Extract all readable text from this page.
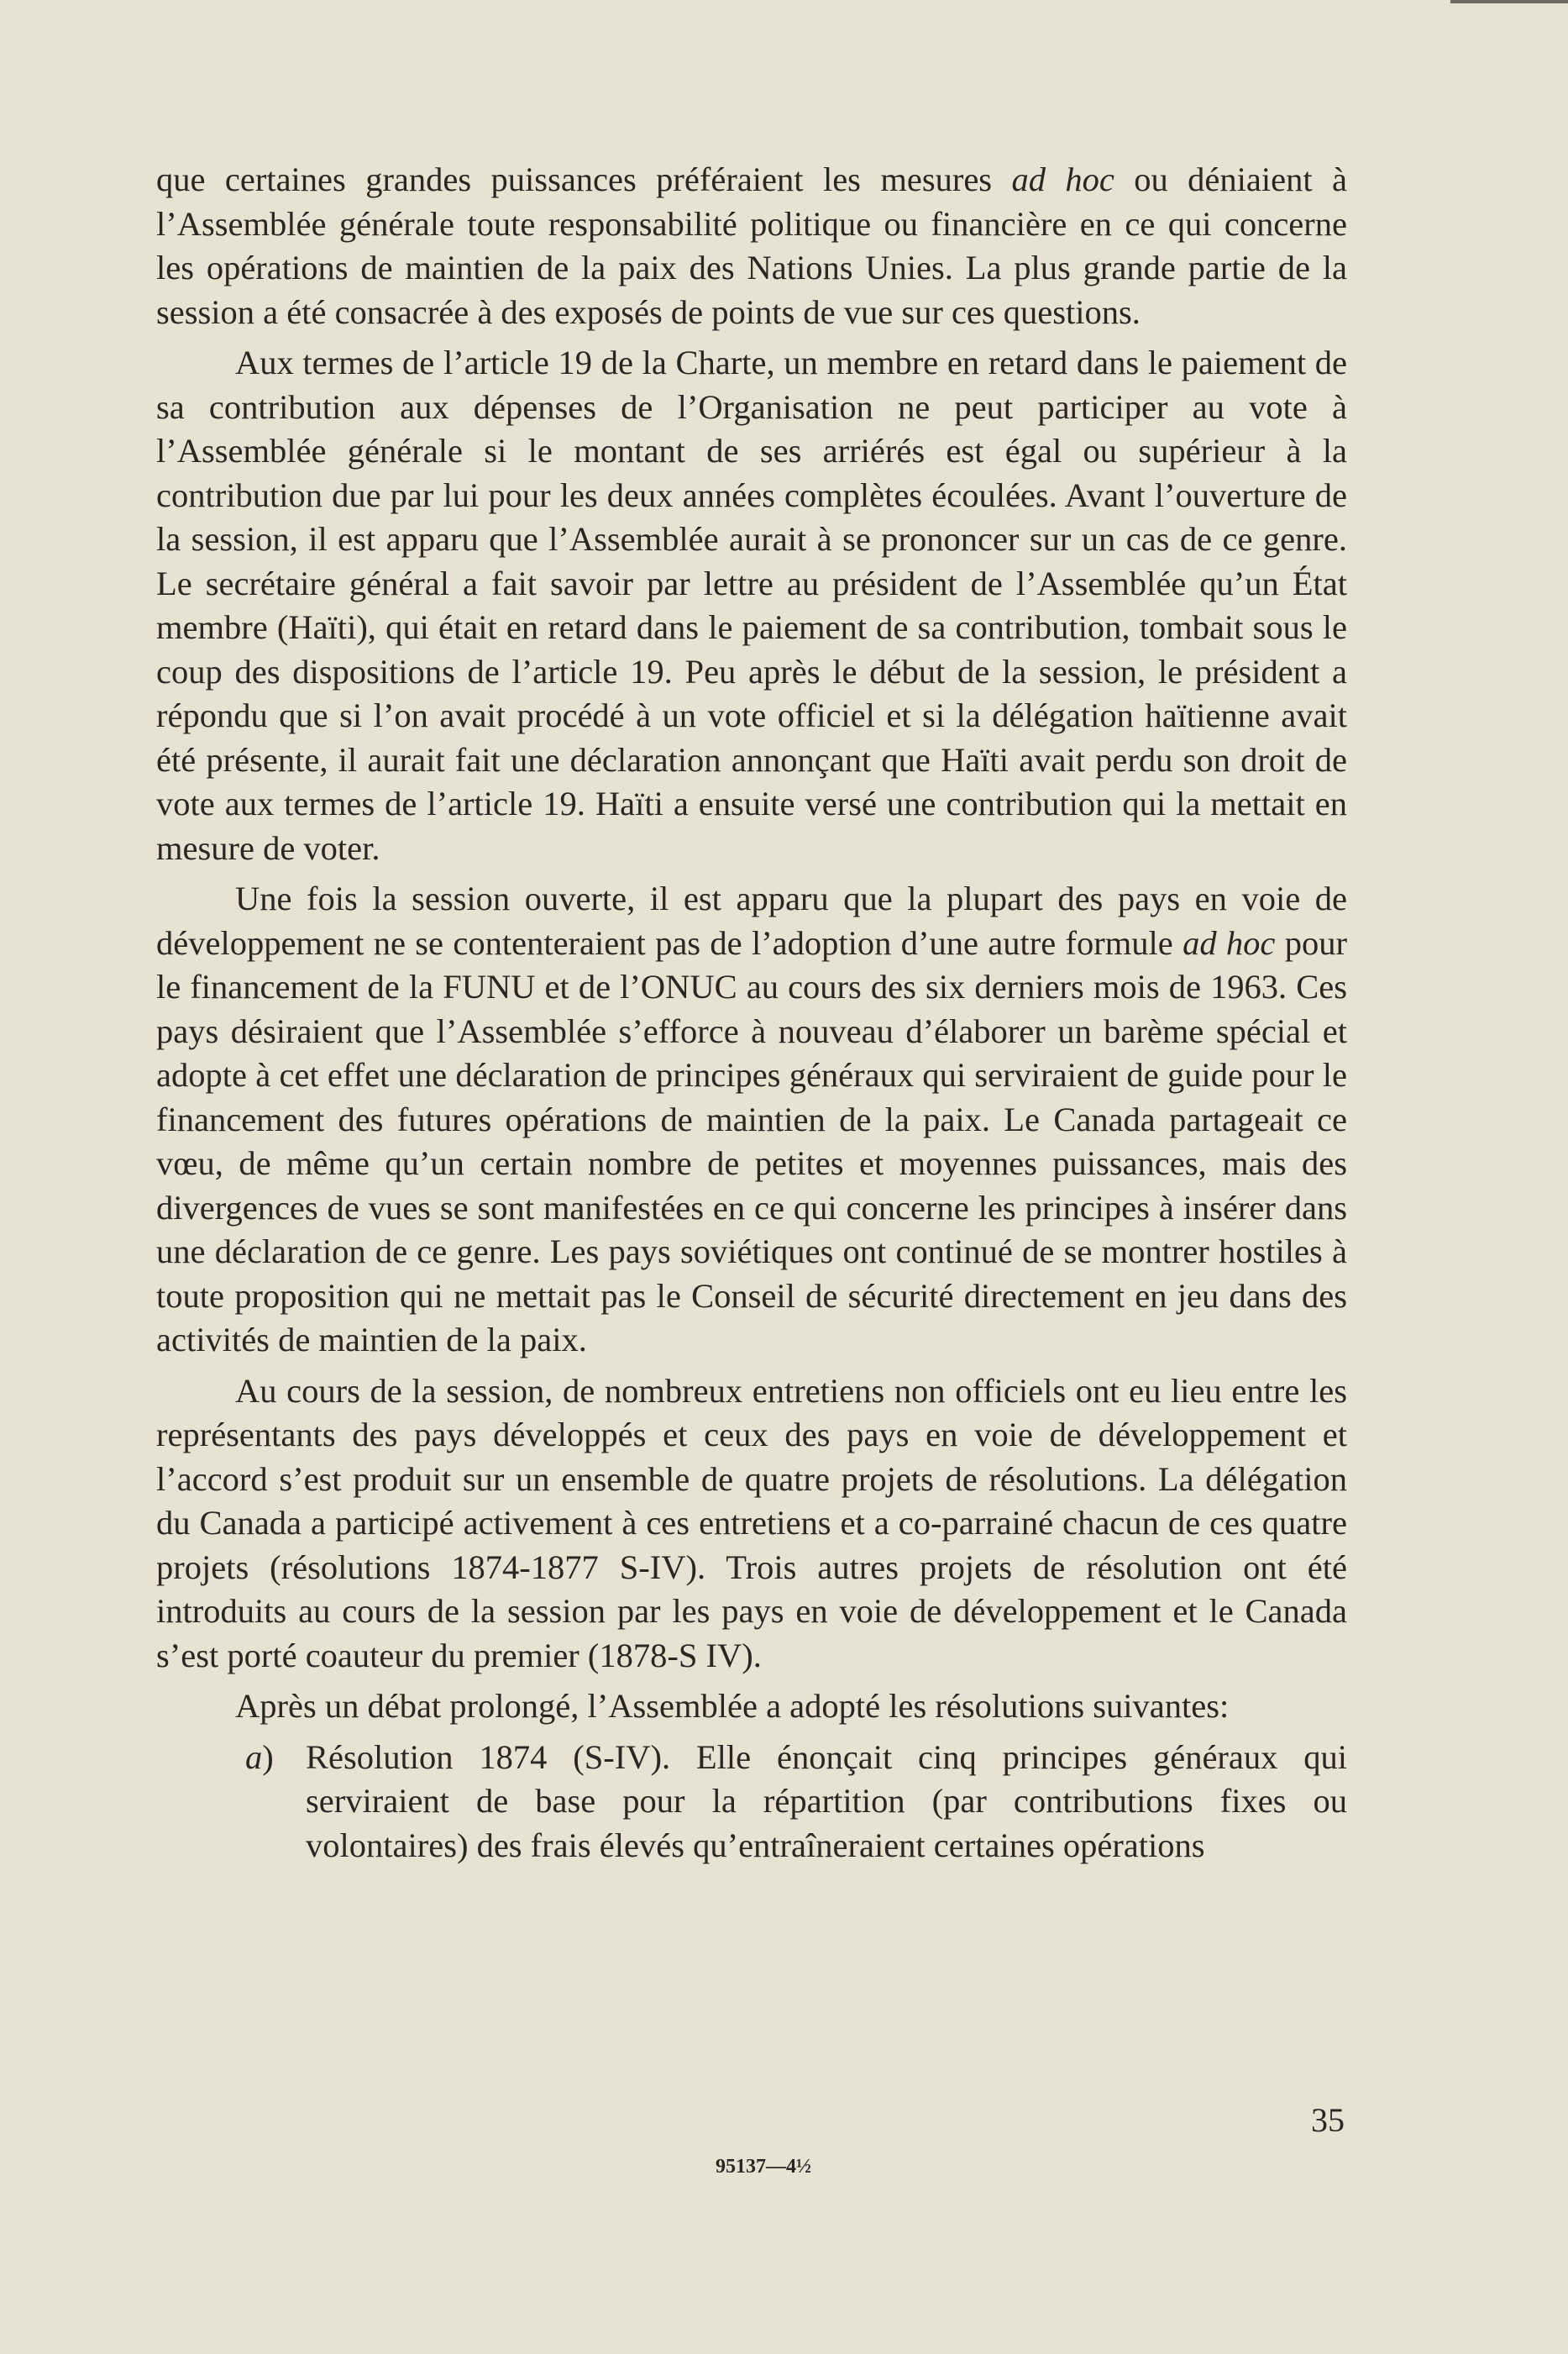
que certaines grandes puissances préféraient les mesures ad hoc ou déniaient à l’Assemblée générale toute responsabilité politique ou financière en ce qui concerne les opérations de maintien de la paix des Nations Unies. La plus grande partie de la session a été consacrée à des exposés de points de vue sur ces questions.

Aux termes de l’article 19 de la Charte, un membre en retard dans le paiement de sa contribution aux dépenses de l’Organisation ne peut participer au vote à l’Assemblée générale si le montant de ses arriérés est égal ou supérieur à la contribution due par lui pour les deux années complètes écoulées. Avant l’ouverture de la session, il est apparu que l’Assemblée aurait à se prononcer sur un cas de ce genre. Le secrétaire général a fait savoir par lettre au président de l’Assemblée qu’un État membre (Haïti), qui était en retard dans le paiement de sa contribution, tombait sous le coup des dispositions de l’article 19. Peu après le début de la session, le président a répondu que si l’on avait procédé à un vote officiel et si la délégation haïtienne avait été présente, il aurait fait une déclaration annonçant que Haïti avait perdu son droit de vote aux termes de l’article 19. Haïti a ensuite versé une contribution qui la mettait en mesure de voter.

Une fois la session ouverte, il est apparu que la plupart des pays en voie de développement ne se contenteraient pas de l’adoption d’une autre formule ad hoc pour le financement de la FUNU et de l’ONUC au cours des six derniers mois de 1963. Ces pays désiraient que l’Assemblée s’efforce à nouveau d’élaborer un barème spécial et adopte à cet effet une déclaration de principes généraux qui serviraient de guide pour le financement des futures opérations de maintien de la paix. Le Canada partageait ce vœu, de même qu’un certain nombre de petites et moyennes puissances, mais des divergences de vues se sont manifestées en ce qui concerne les principes à insérer dans une déclaration de ce genre. Les pays soviétiques ont continué de se montrer hostiles à toute proposition qui ne mettait pas le Conseil de sécurité directement en jeu dans des activités de maintien de la paix.

Au cours de la session, de nombreux entretiens non officiels ont eu lieu entre les représentants des pays développés et ceux des pays en voie de développement et l’accord s’est produit sur un ensemble de quatre projets de résolutions. La délégation du Canada a participé activement à ces entretiens et a co-parrainé chacun de ces quatre projets (résolutions 1874-1877 S-IV). Trois autres projets de résolution ont été introduits au cours de la session par les pays en voie de développement et le Canada s’est porté coauteur du premier (1878-S IV).

Après un débat prolongé, l’Assemblée a adopté les résolutions suivantes:

a) Résolution 1874 (S-IV). Elle énonçait cinq principes généraux qui serviraient de base pour la répartition (par contributions fixes ou volontaires) des frais élevés qu’entraîneraient certaines opérations

35
95137—4½
